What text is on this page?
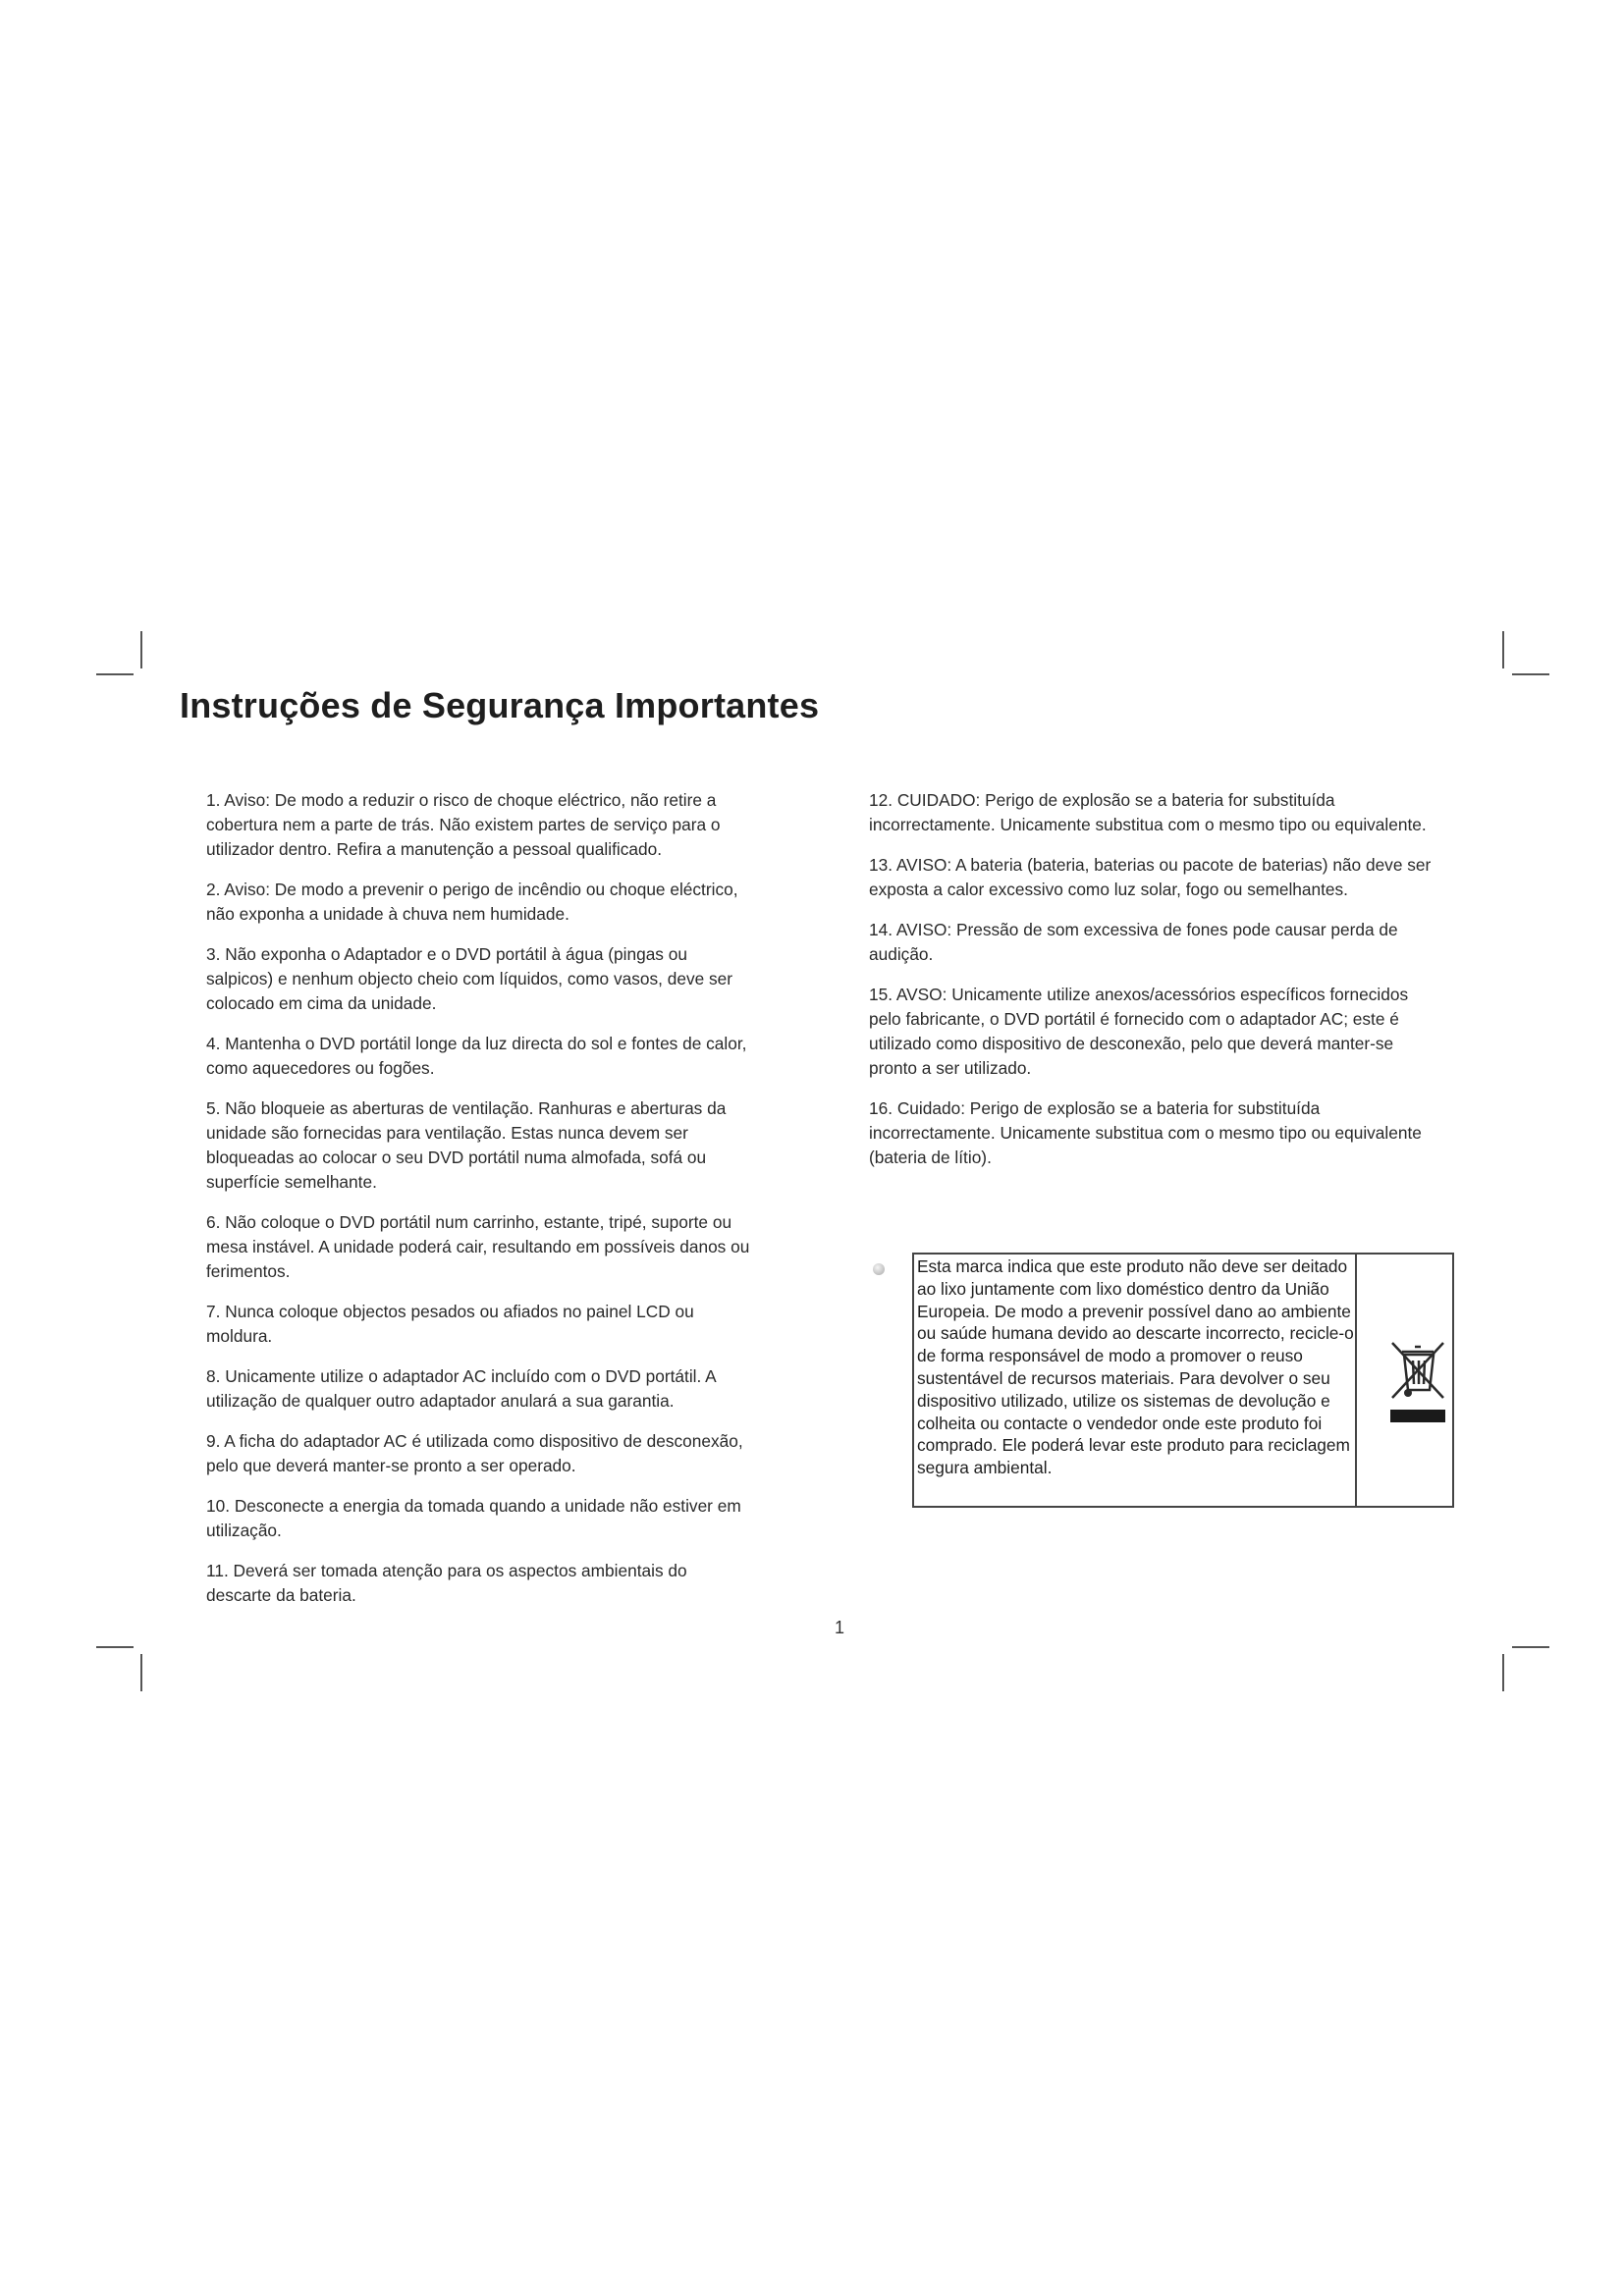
Instruções de Segurança Importantes

1. Aviso: De modo a reduzir o risco de choque eléctrico, não retire a cobertura nem a parte de trás. Não existem partes de serviço para o utilizador dentro. Refira a manutenção a pessoal qualificado.

2. Aviso: De modo a prevenir o perigo de incêndio ou choque eléctrico, não exponha a unidade à chuva nem humidade.

3. Não exponha o Adaptador e o DVD portátil à água (pingas ou salpicos) e nenhum objecto cheio com líquidos, como vasos, deve ser colocado em cima da unidade.

4. Mantenha o DVD portátil longe da luz directa do sol e fontes de calor, como aquecedores ou fogões.

5. Não bloqueie as aberturas de ventilação. Ranhuras e aberturas da unidade são fornecidas para ventilação. Estas nunca devem ser bloqueadas ao colocar o seu DVD portátil numa almofada, sofá ou superfície semelhante.

6. Não coloque o DVD portátil num carrinho, estante, tripé, suporte ou mesa instável. A unidade poderá cair, resultando em possíveis danos ou ferimentos.

7. Nunca coloque objectos pesados ou afiados no painel LCD ou moldura.

8. Unicamente utilize o adaptador AC incluído com o DVD portátil. A utilização de qualquer outro adaptador anulará a sua garantia.

9. A ficha do adaptador AC é utilizada como dispositivo de desconexão, pelo que deverá manter-se pronto a ser operado.

10. Desconecte a energia da tomada quando a unidade não estiver em utilização.

11. Deverá ser tomada atenção para os aspectos ambientais do descarte da bateria.

12. CUIDADO: Perigo de explosão se a bateria for substituída incorrectamente. Unicamente substitua com o mesmo tipo ou equivalente.

13. AVISO: A bateria (bateria, baterias ou pacote de baterias) não deve ser exposta a calor excessivo como luz solar, fogo ou semelhantes.

14. AVISO: Pressão de som excessiva de fones pode causar perda de audição.

15. AVSO: Unicamente utilize anexos/acessórios específicos fornecidos pelo fabricante, o DVD portátil é fornecido com o adaptador AC; este é utilizado como dispositivo de desconexão, pelo que deverá manter-se pronto a ser utilizado.

16. Cuidado: Perigo de explosão se a bateria for substituída incorrectamente. Unicamente substitua com o mesmo tipo ou equivalente (bateria de lítio).

Esta marca indica que este produto não deve ser deitado ao lixo juntamente com lixo doméstico dentro da União Europeia. De modo a prevenir possível dano ao ambiente ou saúde humana devido ao descarte incorrecto, recicle-o de forma responsável de modo a promover o reuso sustentável de recursos materiais. Para devolver o seu dispositivo utilizado, utilize os sistemas de devolução e colheita ou contacte o vendedor onde este produto foi comprado. Ele poderá levar este produto para reciclagem segura ambiental.
1
